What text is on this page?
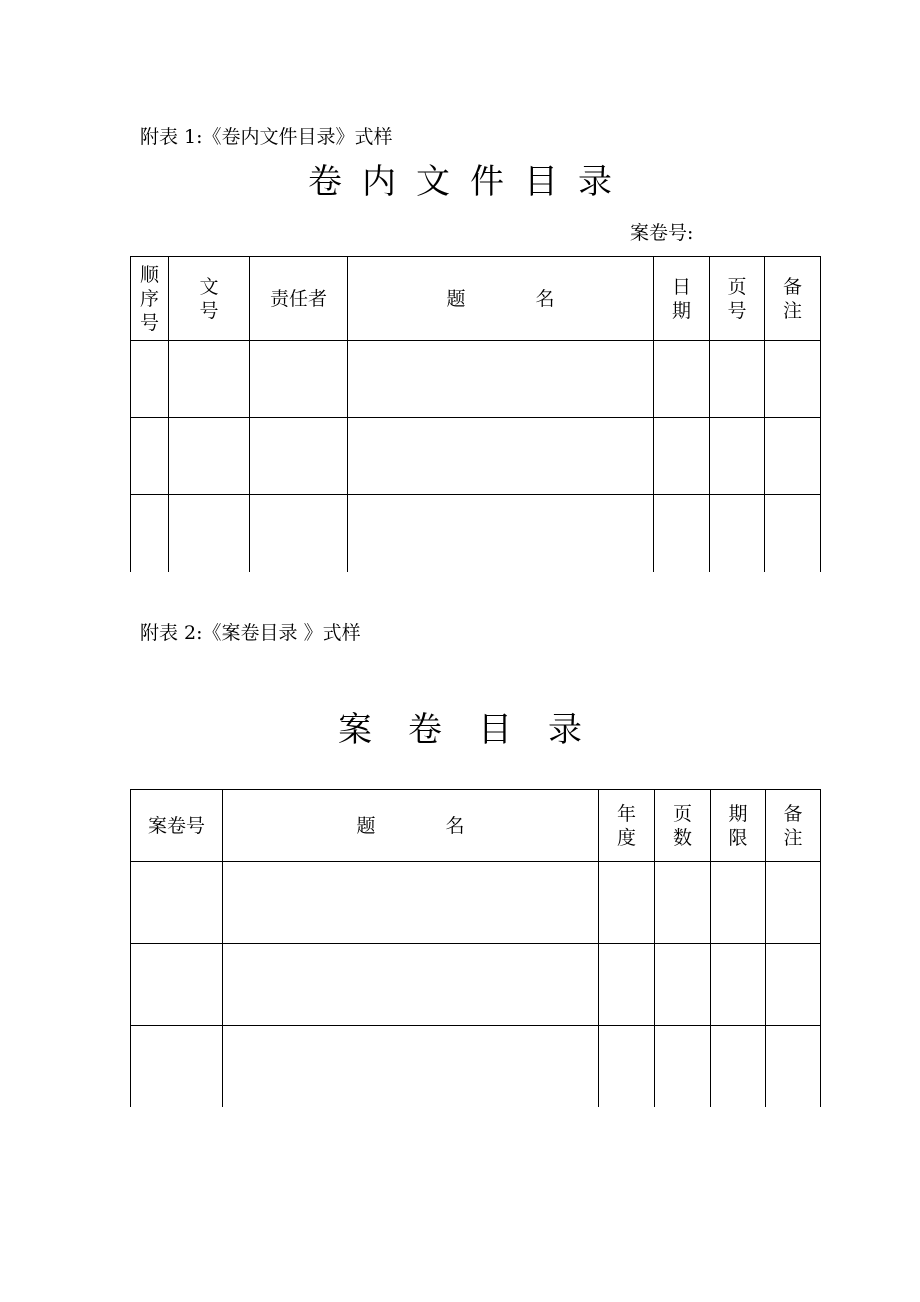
附表 1:《卷内文件目录》式样
卷内文件目录
案卷号:
顺序号	文号	责任者	题 名	日期	页号	备注

附表 2:《案卷目录 》式样
案卷目录
案卷号	题 名	年度	页数	期限	备注
